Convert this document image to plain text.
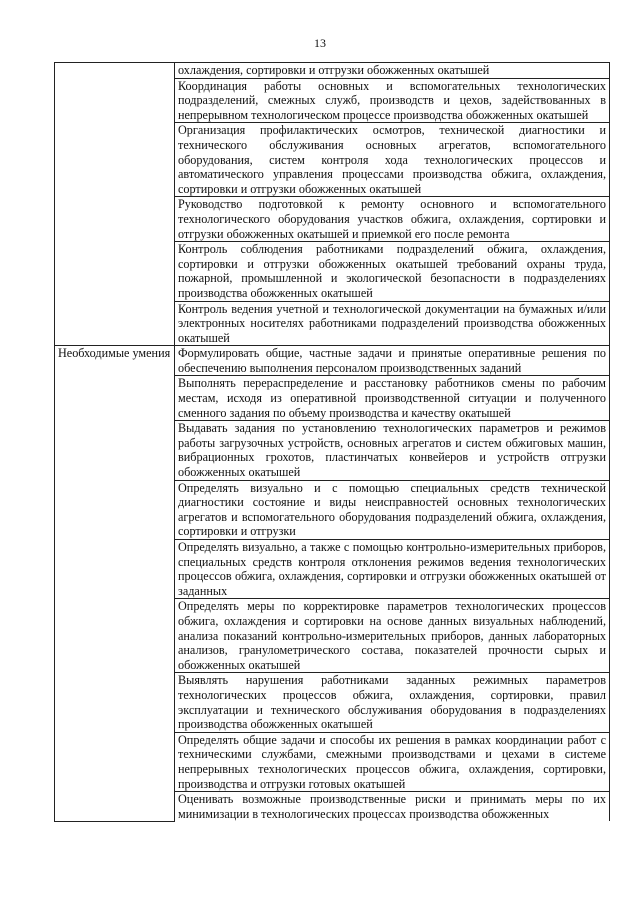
13
	охлаждения, сортировки и отгрузки обожженных окатышей
	Координация работы основных и вспомогательных технологических подразделений, смежных служб, производств и цехов, задействованных в непрерывном технологическом процессе производства обожженных окатышей
	Организация профилактических осмотров, технической диагностики и технического обслуживания основных агрегатов, вспомогательного оборудования, систем контроля хода технологических процессов и автоматического управления процессами производства обжига, охлаждения, сортировки и отгрузки обожженных окатышей
	Руководство подготовкой к ремонту основного и вспомогательного технологического оборудования участков обжига, охлаждения, сортировки и отгрузки обожженных окатышей и приемкой его после ремонта
	Контроль соблюдения работниками подразделений обжига, охлаждения, сортировки и отгрузки обожженных окатышей требований охраны труда, пожарной, промышленной и экологической безопасности в подразделениях производства обожженных окатышей
	Контроль ведения учетной и технологической документации на бумажных и/или электронных носителях работниками подразделений производства обожженных окатышей
Необходимые умения	Формулировать общие, частные задачи и принятые оперативные решения по обеспечению выполнения персоналом производственных заданий
	Выполнять перераспределение и расстановку работников смены по рабочим местам, исходя из оперативной производственной ситуации и полученного сменного задания по объему производства и качеству окатышей
	Выдавать задания по установлению технологических параметров и режимов работы загрузочных устройств, основных агрегатов и систем обжиговых машин, вибрационных грохотов, пластинчатых конвейеров и устройств отгрузки обожженных окатышей
	Определять визуально и с помощью специальных средств технической диагностики состояние и виды неисправностей основных технологических агрегатов и вспомогательного оборудования подразделений обжига, охлаждения, сортировки и отгрузки
	Определять визуально, а также с помощью контрольно-измерительных приборов, специальных средств контроля отклонения режимов ведения технологических процессов обжига, охлаждения, сортировки и отгрузки обожженных окатышей от заданных
	Определять меры по корректировке параметров технологических процессов обжига, охлаждения и сортировки на основе данных визуальных наблюдений, анализа показаний контрольно-измерительных приборов, данных лабораторных анализов, гранулометрического состава, показателей прочности сырых и обожженных окатышей
	Выявлять нарушения работниками заданных режимных параметров технологических процессов обжига, охлаждения, сортировки, правил эксплуатации и технического обслуживания оборудования в подразделениях производства обожженных окатышей
	Определять общие задачи и способы их решения в рамках координации работ с техническими службами, смежными производствами и цехами в системе непрерывных технологических процессов обжига, охлаждения, сортировки, производства и отгрузки готовых окатышей
	Оценивать возможные производственные риски и принимать меры по их минимизации в технологических процессах производства обожженных
